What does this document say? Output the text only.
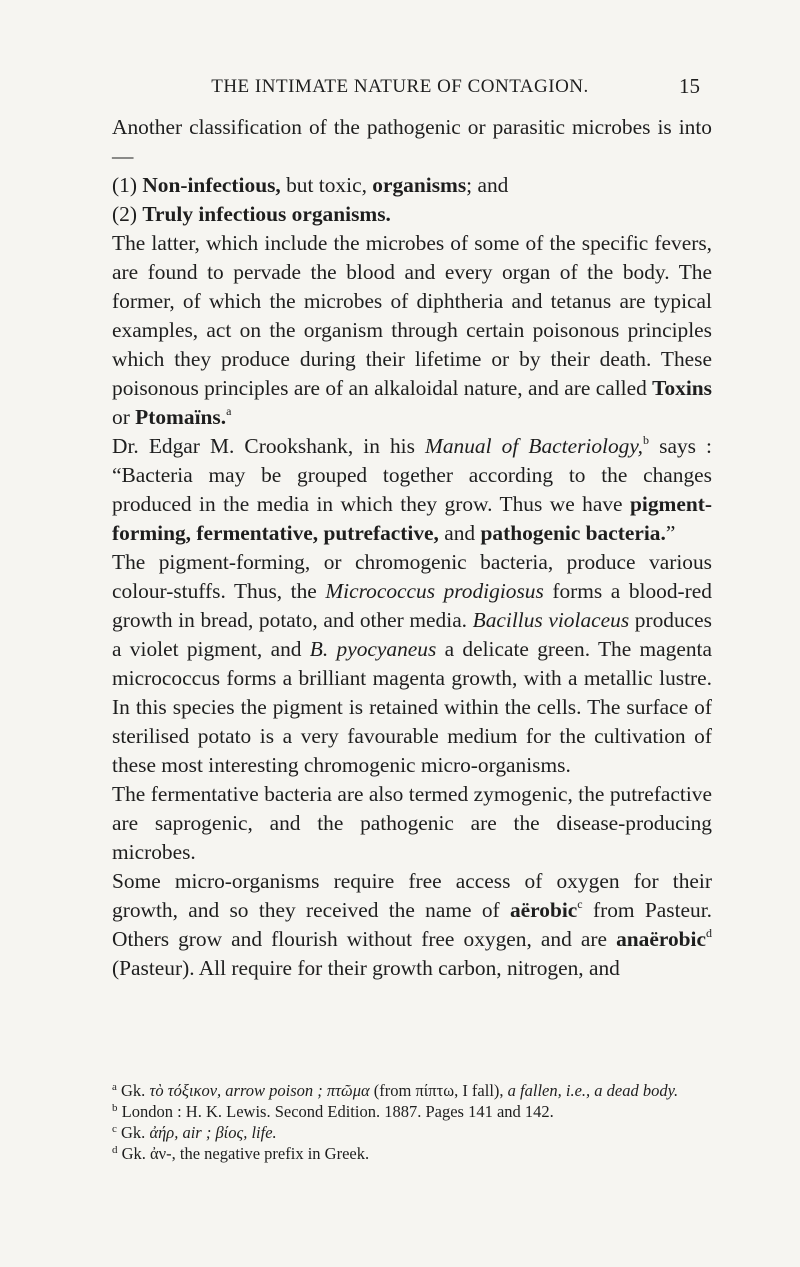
THE INTIMATE NATURE OF CONTAGION.	15

Another classification of the pathogenic or parasitic microbes is into—

(1) Non-infectious, but toxic, organisms; and

(2) Truly infectious organisms.

The latter, which include the microbes of some of the specific fevers, are found to pervade the blood and every organ of the body. The former, of which the microbes of diphtheria and tetanus are typical examples, act on the organism through certain poisonous principles which they produce during their lifetime or by their death. These poisonous principles are of an alkaloidal nature, and are called Toxins or Ptomaïns.$^a$

Dr. Edgar M. Crookshank, in his Manual of Bacteriology,$^b$ says : “Bacteria may be grouped together according to the changes produced in the media in which they grow. Thus we have pigment-forming, fermentative, putrefactive, and pathogenic bacteria.”

The pigment-forming, or chromogenic bacteria, produce various colour-stuffs. Thus, the Micrococcus prodigiosus forms a blood-red growth in bread, potato, and other media. Bacillus violaceus produces a violet pigment, and B. pyocyaneus a delicate green. The magenta micrococcus forms a brilliant magenta growth, with a metallic lustre. In this species the pigment is retained within the cells. The surface of sterilised potato is a very favourable medium for the cultivation of these most interesting chromogenic micro-organisms.

The fermentative bacteria are also termed zymogenic, the putrefactive are saprogenic, and the pathogenic are the disease-producing microbes.

Some micro-organisms require free access of oxygen for their growth, and so they received the name of aërobic$^c$ from Pasteur. Others grow and flourish without free oxygen, and are anaërobic$^d$ (Pasteur). All require for their growth carbon, nitrogen, and

$^a$ Gk. τὸ τόξικον, arrow poison ; πτῶμα (from πίπτω, I fall), a fallen, i.e., a dead body.

$^b$ London : H. K. Lewis. Second Edition. 1887. Pages 141 and 142.

$^c$ Gk. ἀήρ, air ; βίος, life.

$^d$ Gk. ἀν-, the negative prefix in Greek.
